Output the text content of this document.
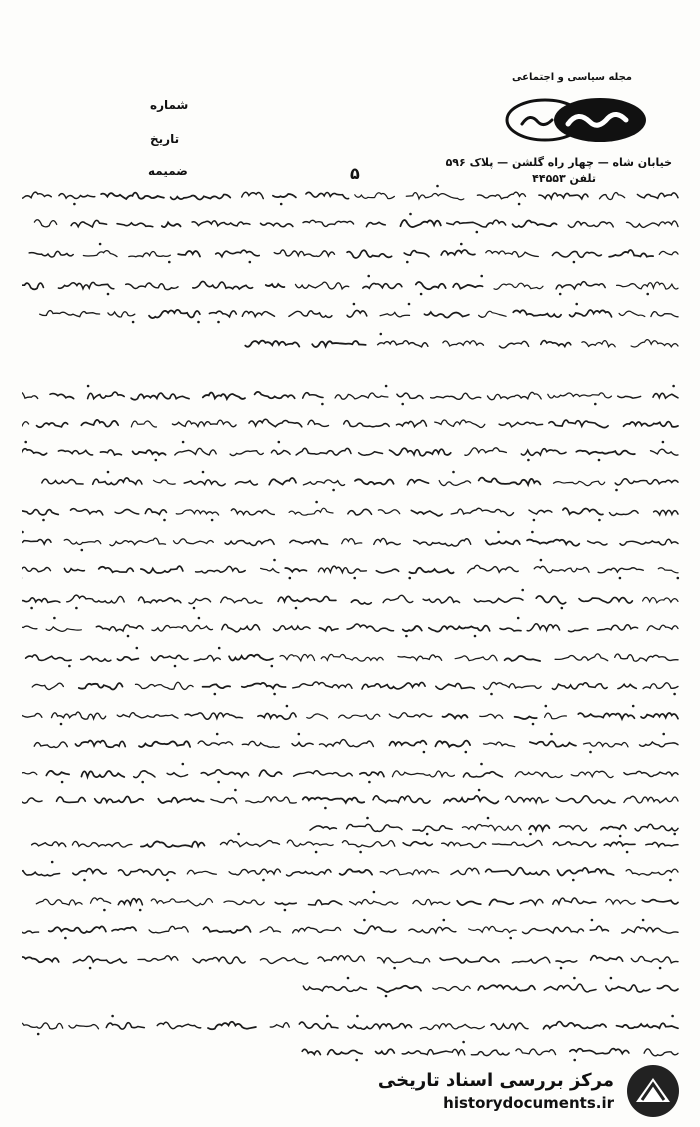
شماره
تاریخ
ضمیمه
مجله سیاسی و اجتماعی
خیابان شاه — چهار راه گلشن — پلاک ۵۹۶
تلفن ۴۴۵۵۳
۵
مرکز بررسی اسناد تاریخی
historydocuments.ir
